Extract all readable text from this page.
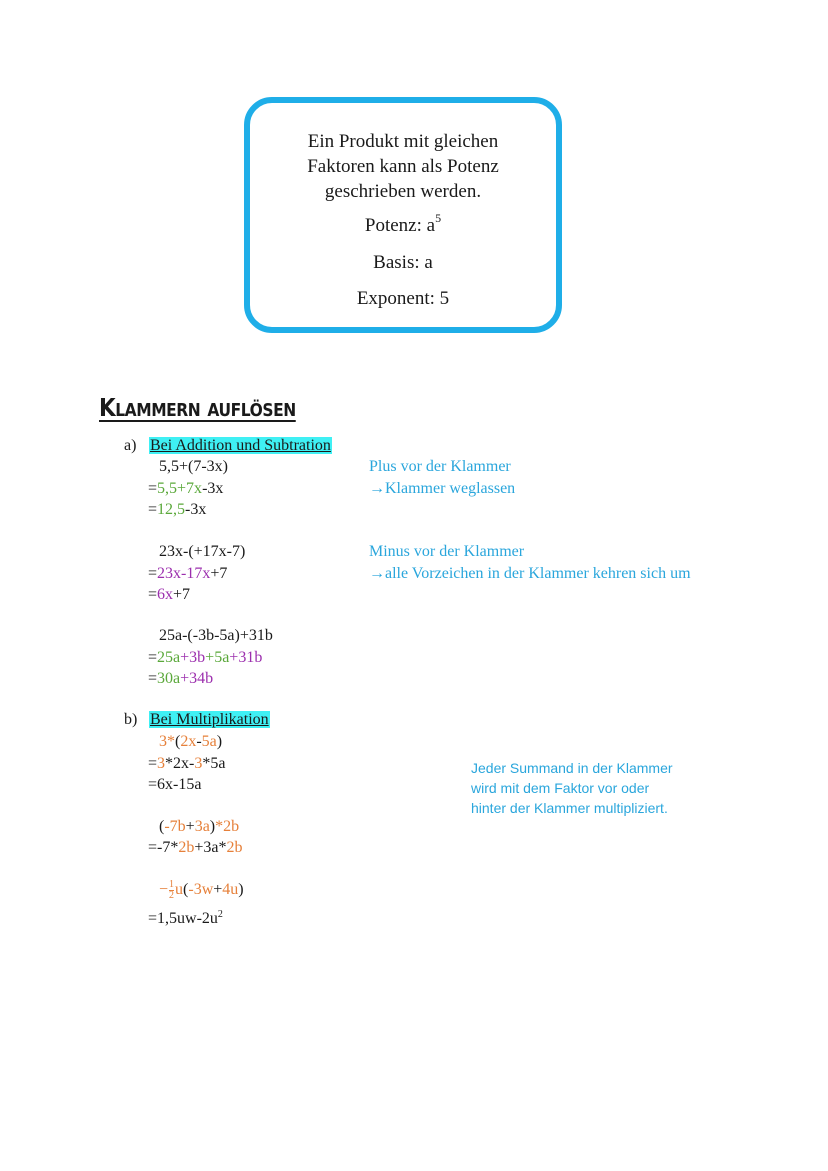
Ein Produkt mit gleichen
Faktoren kann als Potenz
geschrieben werden.
Potenz: $a^5$
Basis: a
Exponent: 5
Klammern auflösen
a) Bei Addition und Subtration
5,5+(7-3x)
=5,5+7x-3x
=12,5-3x
Plus vor der Klammer
→Klammer weglassen
23x-(+17x-7)
=23x-17x+7
=6x+7
Minus vor der Klammer
→alle Vorzeichen in der Klammer kehren sich um
25a-(-3b-5a)+31b
=25a+3b+5a+31b
=30a+34b
b) Bei Multiplikation
3*(2x-5a)
=3*2x-3*5a
=6x-15a
Jeder Summand in der Klammer
wird mit dem Faktor vor oder
hinter der Klammer multipliziert.
(-7b+3a)*2b
=-7*2b+3a*2b
− $\frac{1}{2} u(-3w+4u)$
$=1,5uw-2u^2$
